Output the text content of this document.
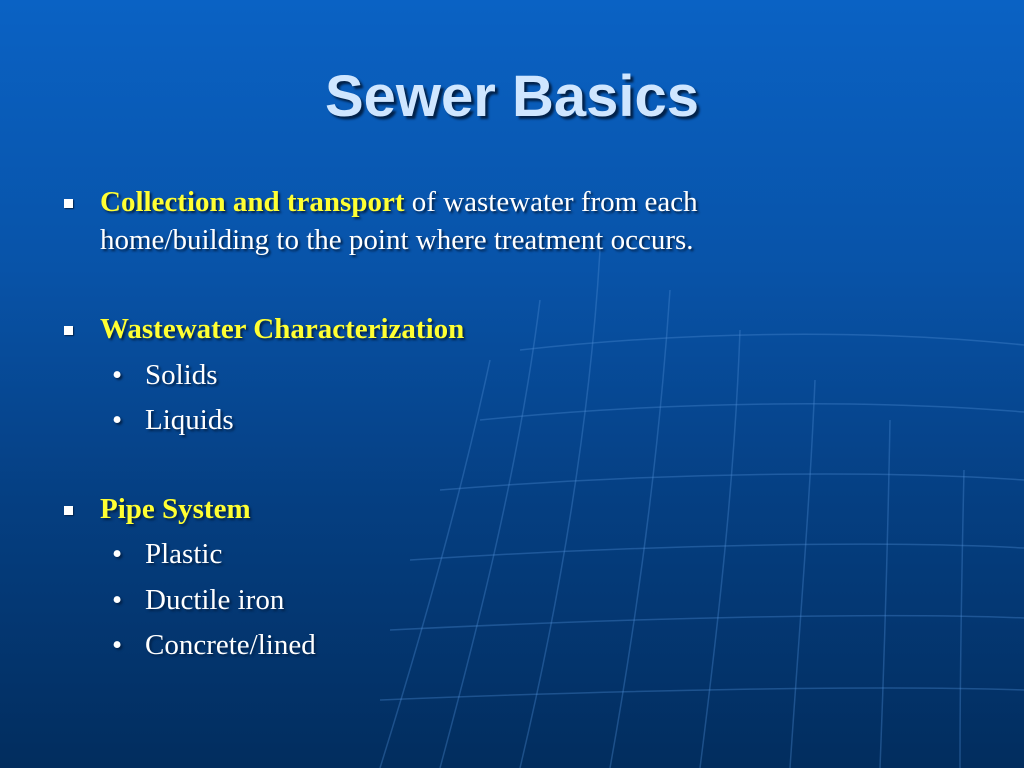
Sewer Basics
Collection and transport of wastewater from each home/building to the point where treatment occurs.
Wastewater Characterization
• Solids
• Liquids
Pipe System
• Plastic
• Ductile iron
• Concrete/lined
